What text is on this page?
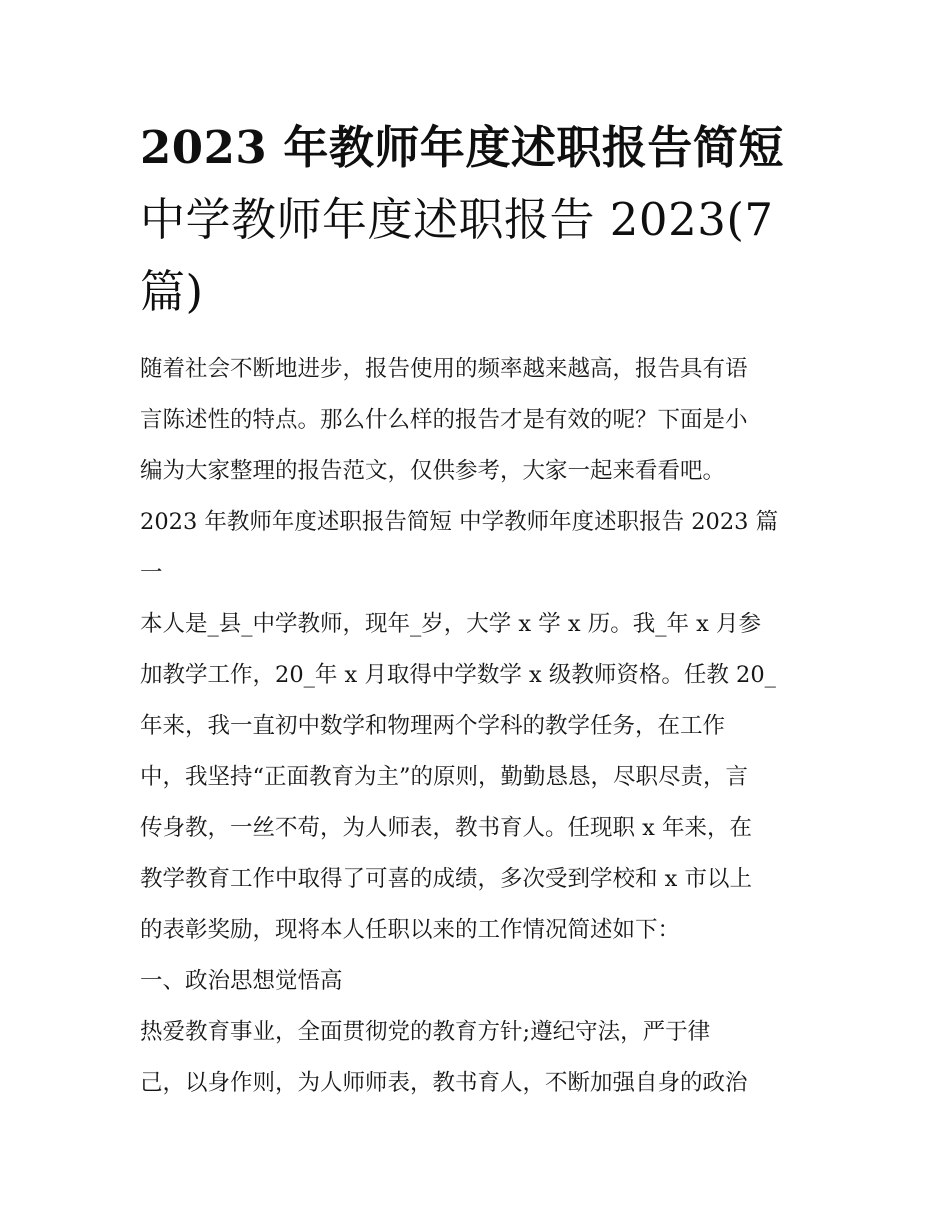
2023 年教师年度述职报告简短
中学教师年度述职报告 2023(7
篇)
随着社会不断地进步，报告使用的频率越来越高，报告具有语
言陈述性的特点。那么什么样的报告才是有效的呢？下面是小
编为大家整理的报告范文，仅供参考，大家一起来看看吧。
2023 年教师年度述职报告简短 中学教师年度述职报告 2023 篇
一
本人是_县_中学教师，现年_岁，大学 x 学 x 历。我_年 x 月参
加教学工作，20_年 x 月取得中学数学 x 级教师资格。任教 20_
年来，我一直初中数学和物理两个学科的教学任务，在工作
中，我坚持“正面教育为主”的原则，勤勤恳恳，尽职尽责，言
传身教，一丝不苟，为人师表，教书育人。任现职 x 年来，在
教学教育工作中取得了可喜的成绩，多次受到学校和 x 市以上
的表彰奖励，现将本人任职以来的工作情况简述如下：
一、政治思想觉悟高
热爱教育事业，全面贯彻党的教育方针;遵纪守法，严于律
己，以身作则，为人师师表，教书育人，不断加强自身的政治
